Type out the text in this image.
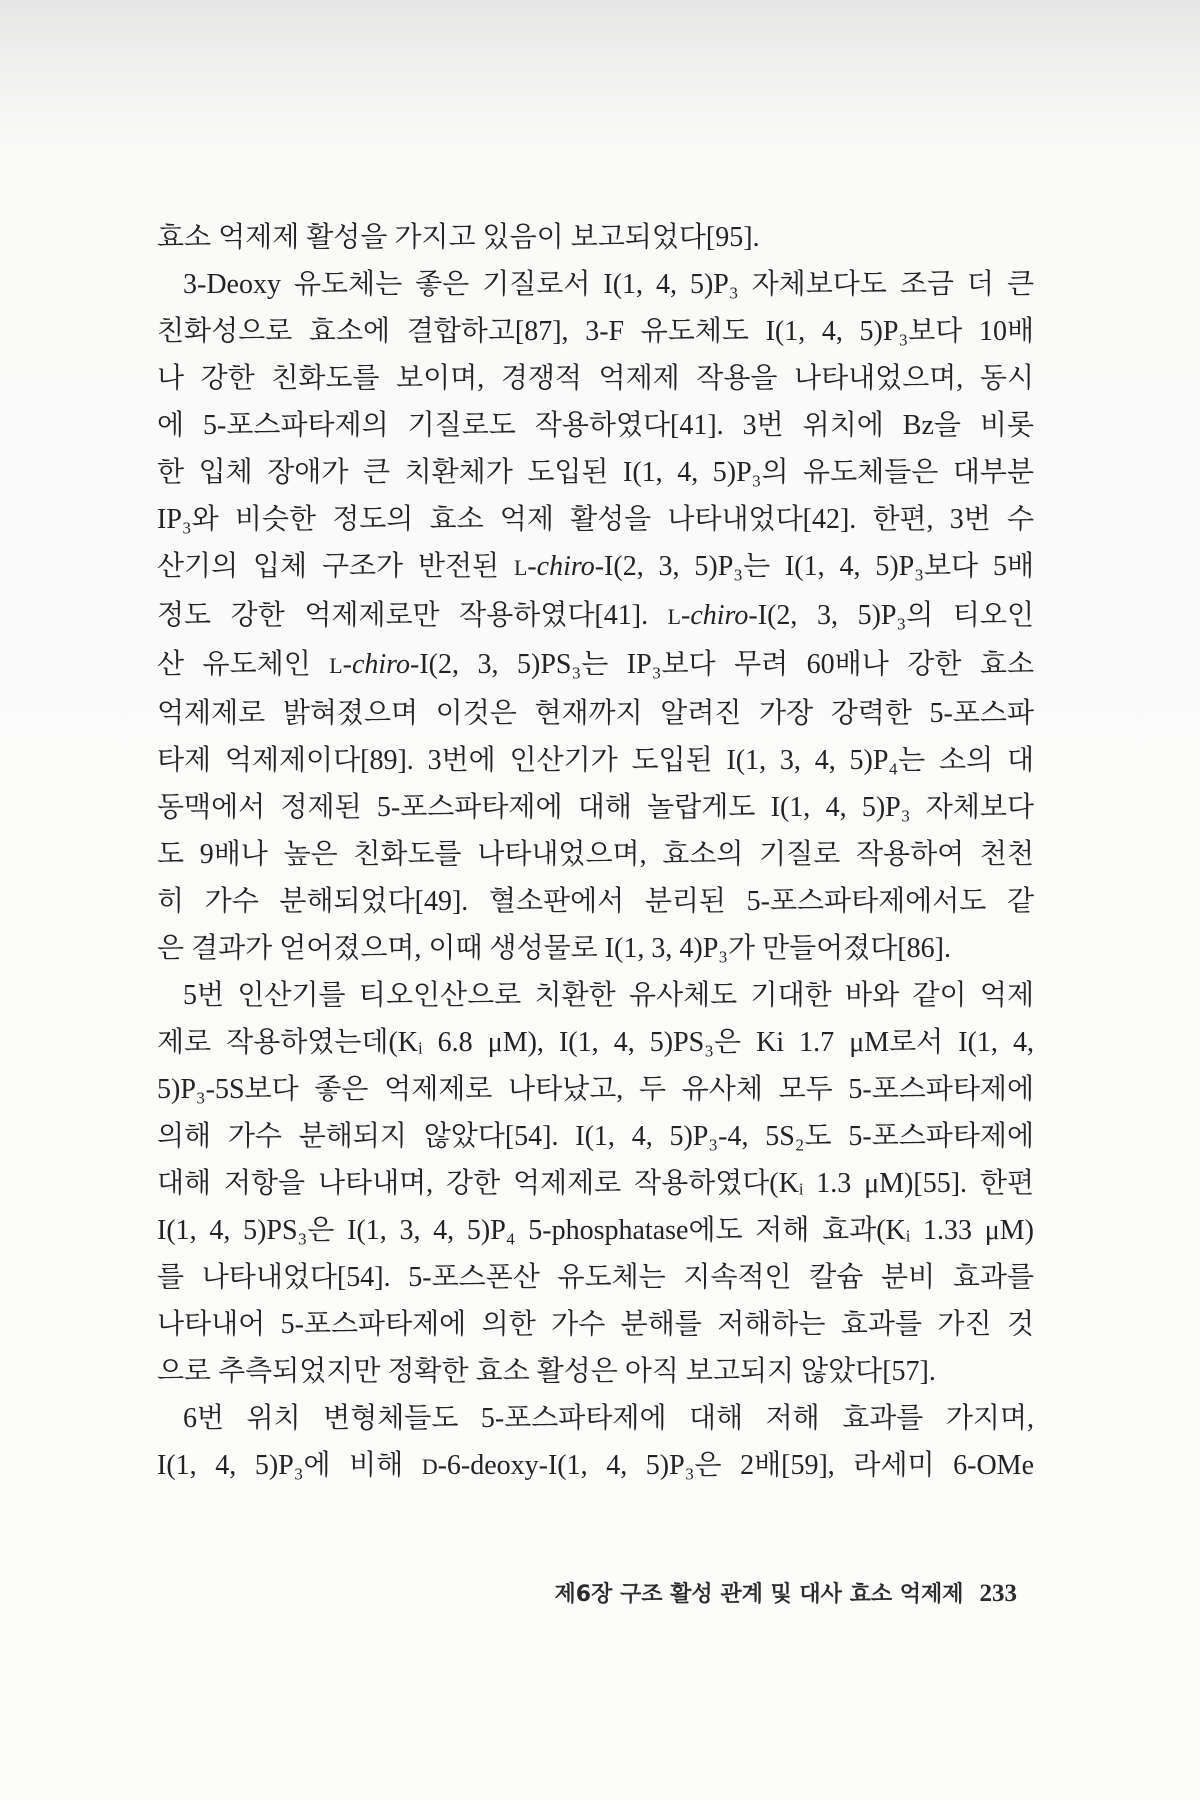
효소 억제제 활성을 가지고 있음이 보고되었다[95].
3-Deoxy 유도체는 좋은 기질로서 I(1, 4, 5)P₃ 자체보다도 조금 더 큰
친화성으로 효소에 결합하고[87], 3-F 유도체도 I(1, 4, 5)P₃보다 10배
나 강한 친화도를 보이며, 경쟁적 억제제 작용을 나타내었으며, 동시
에 5-포스파타제의 기질로도 작용하였다[41]. 3번 위치에 Bz을 비롯
한 입체 장애가 큰 치환체가 도입된 I(1, 4, 5)P₃의 유도체들은 대부분
IP₃와 비슷한 정도의 효소 억제 활성을 나타내었다[42]. 한편, 3번 수
산기의 입체 구조가 반전된 L-chiro-I(2, 3, 5)P₃는 I(1, 4, 5)P₃보다 5배
정도 강한 억제제로만 작용하였다[41]. L-chiro-I(2, 3, 5)P₃의 티오인
산 유도체인 L-chiro-I(2, 3, 5)PS₃는 IP₃보다 무려 60배나 강한 효소
억제제로 밝혀졌으며 이것은 현재까지 알려진 가장 강력한 5-포스파
타제 억제제이다[89]. 3번에 인산기가 도입된 I(1, 3, 4, 5)P₄는 소의 대
동맥에서 정제된 5-포스파타제에 대해 놀랍게도 I(1, 4, 5)P₃ 자체보다
도 9배나 높은 친화도를 나타내었으며, 효소의 기질로 작용하여 천천
히 가수 분해되었다[49]. 혈소판에서 분리된 5-포스파타제에서도 같
은 결과가 얻어졌으며, 이때 생성물로 I(1, 3, 4)P₃가 만들어졌다[86].
5번 인산기를 티오인산으로 치환한 유사체도 기대한 바와 같이 억제
제로 작용하였는데(Kᵢ 6.8 μM), I(1, 4, 5)PS₃은 Ki 1.7 μM로서 I(1, 4,
5)P₃-5S보다 좋은 억제제로 나타났고, 두 유사체 모두 5-포스파타제에
의해 가수 분해되지 않았다[54]. I(1, 4, 5)P₃-4, 5S₂도 5-포스파타제에
대해 저항을 나타내며, 강한 억제제로 작용하였다(Kᵢ 1.3 μM)[55]. 한편
I(1, 4, 5)PS₃은 I(1, 3, 4, 5)P₄ 5-phosphatase에도 저해 효과(Kᵢ 1.33 μM)
를 나타내었다[54]. 5-포스폰산 유도체는 지속적인 칼슘 분비 효과를
나타내어 5-포스파타제에 의한 가수 분해를 저해하는 효과를 가진 것
으로 추측되었지만 정확한 효소 활성은 아직 보고되지 않았다[57].
6번 위치 변형체들도 5-포스파타제에 대해 저해 효과를 가지며,
I(1, 4, 5)P₃에 비해 D-6-deoxy-I(1, 4, 5)P₃은 2배[59], 라세미 6-OMe
제6장 구조 활성 관계 및 대사 효소 억제제 233
